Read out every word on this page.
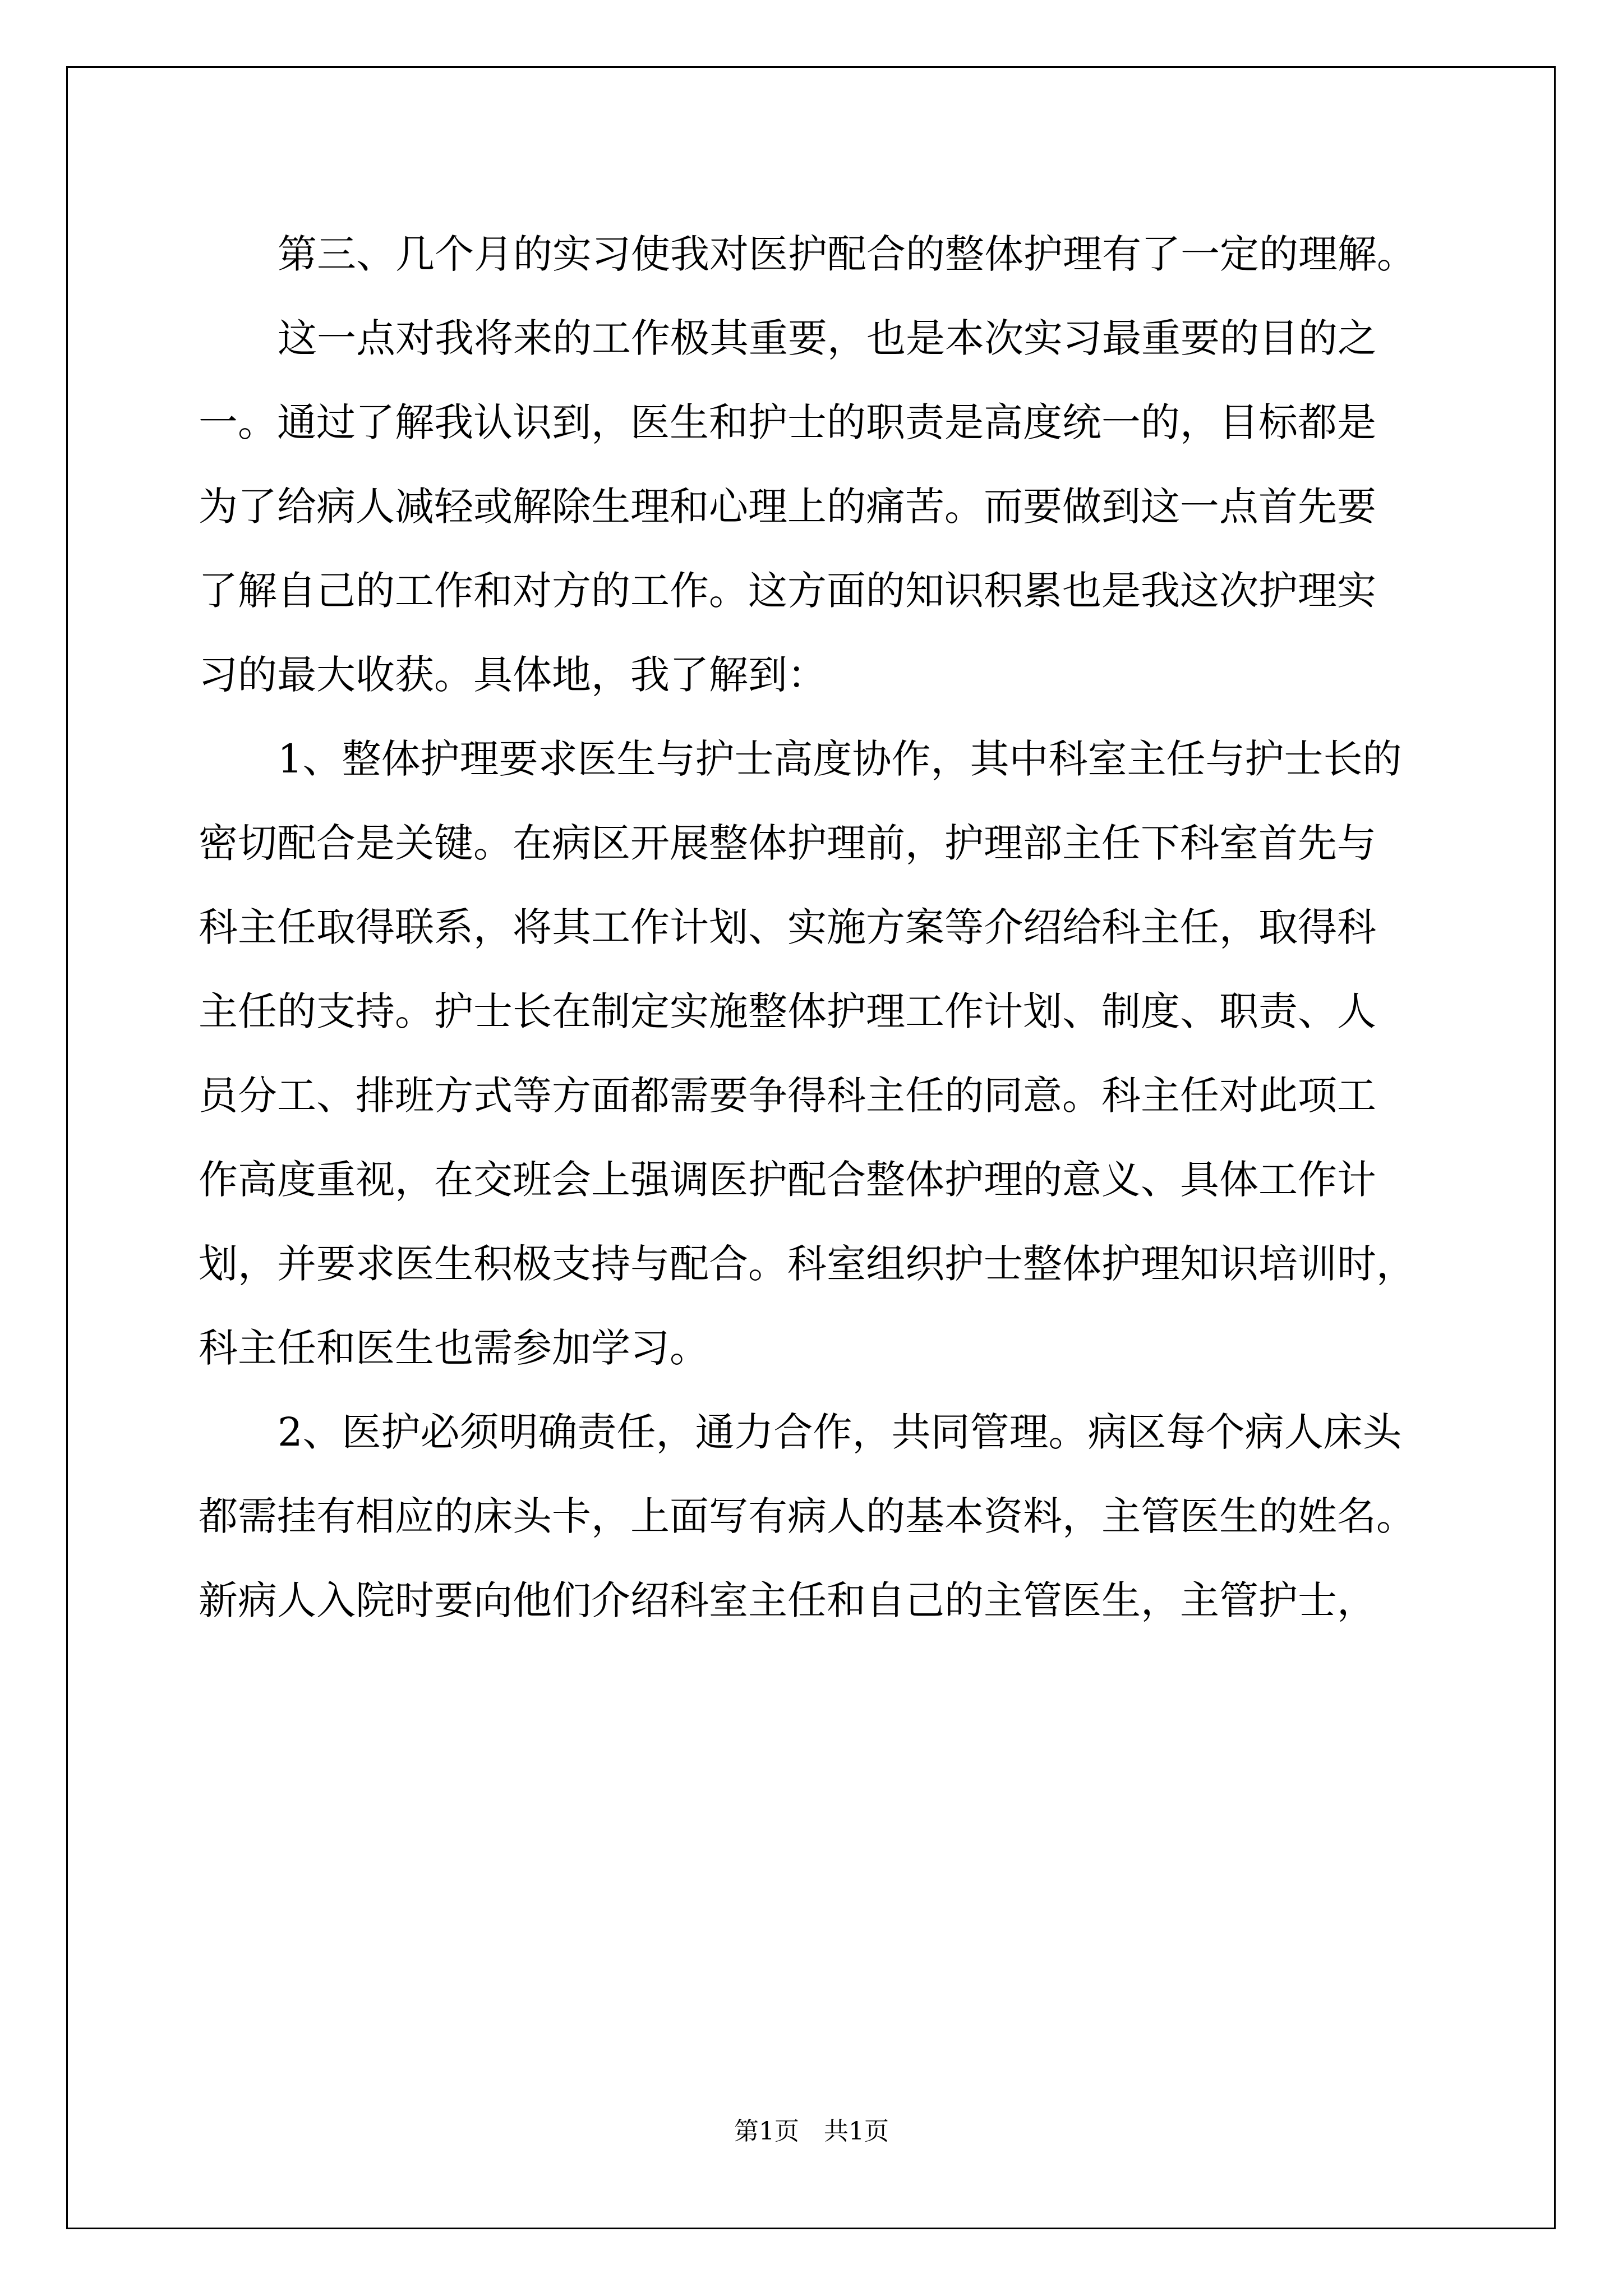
第三、几个月的实习使我对医护配合的整体护理有了一定的理解。
这一点对我将来的工作极其重要，也是本次实习最重要的目的之
一。通过了解我认识到，医生和护士的职责是高度统一的，目标都是
为了给病人减轻或解除生理和心理上的痛苦。而要做到这一点首先要
了解自己的工作和对方的工作。这方面的知识积累也是我这次护理实
习的最大收获。具体地，我了解到：
1、整体护理要求医生与护士高度协作，其中科室主任与护士长的
密切配合是关键。在病区开展整体护理前，护理部主任下科室首先与
科主任取得联系，将其工作计划、实施方案等介绍给科主任，取得科
主任的支持。护士长在制定实施整体护理工作计划、制度、职责、人
员分工、排班方式等方面都需要争得科主任的同意。科主任对此项工
作高度重视，在交班会上强调医护配合整体护理的意义、具体工作计
划，并要求医生积极支持与配合。科室组织护士整体护理知识培训时，
科主任和医生也需参加学习。
2、医护必须明确责任，通力合作，共同管理。病区每个病人床头
都需挂有相应的床头卡，上面写有病人的基本资料，主管医生的姓名。
新病人入院时要向他们介绍科室主任和自己的主管医生，主管护士，
第1页 共1页
